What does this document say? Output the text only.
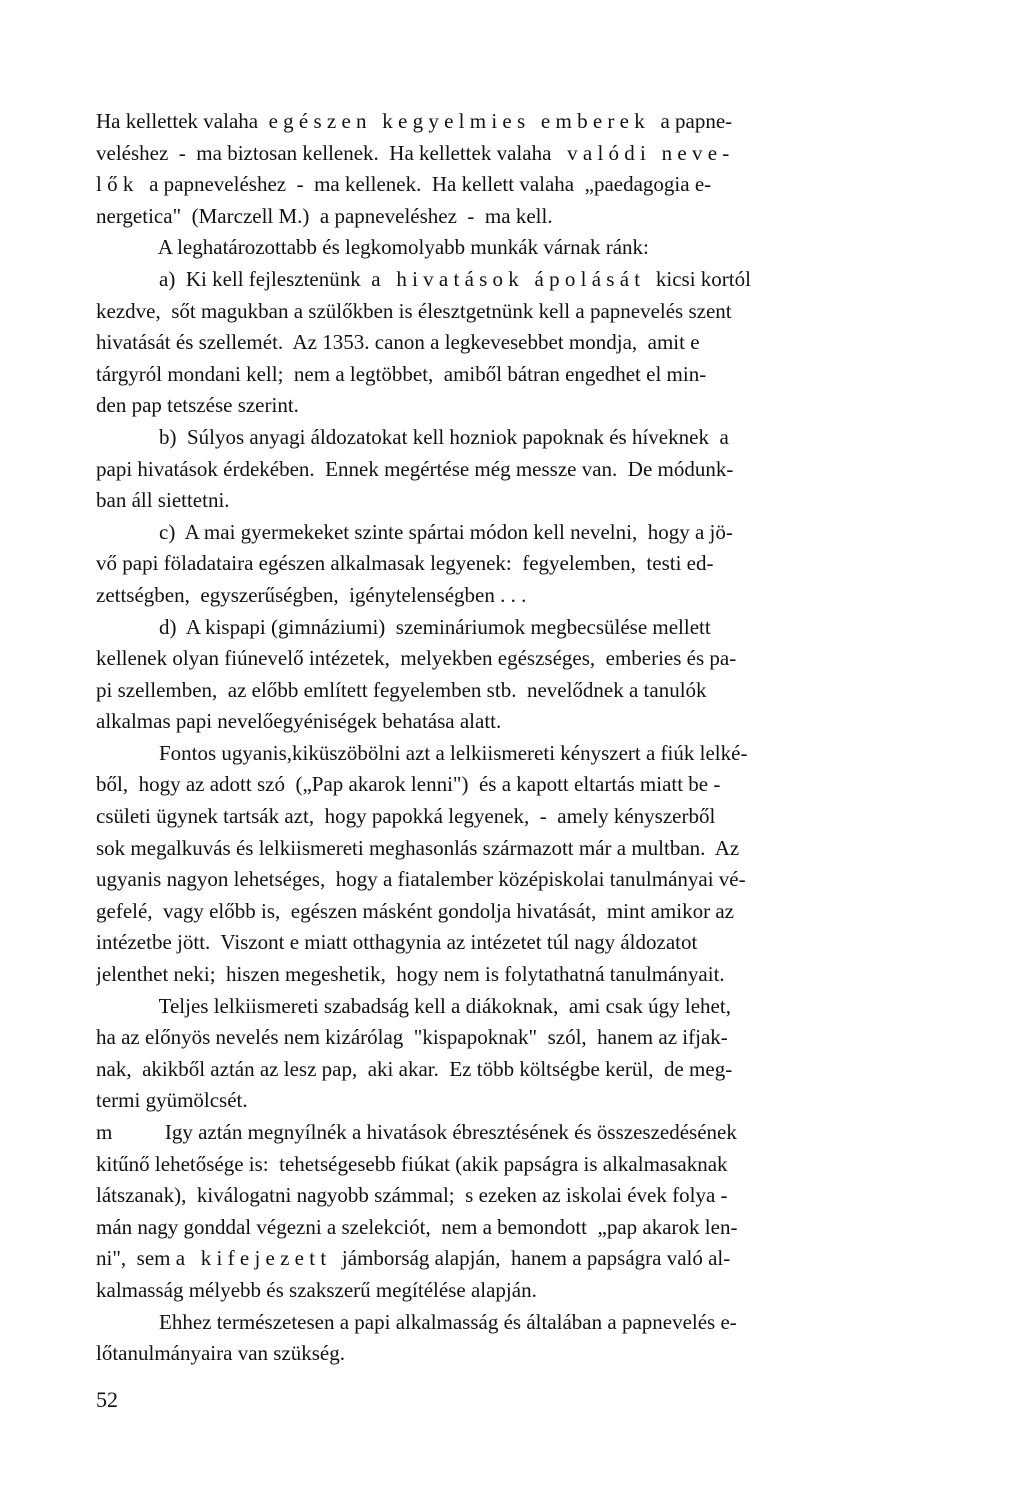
Ha kellettek valaha  e g é s z e n   k e g y e l m i e s   e m b e r e k   a papne-
veléshez  -  ma biztosan kellenek.  Ha kellettek valaha   v a l ó d i   n e v e -
l ő k   a papneveléshez  -  ma kellenek.  Ha kellett valaha  „paedagogia e-
nergetica"  (Marczell M.)  a papneveléshez  -  ma kell.
A leghatározottabb és legkomolyabb munkák várnak ránk:
a)  Ki kell fejlesztenünk  a   h i v a t á s o k   á p o l á s á t   kicsi kortól
kezdve,  sőt magukban a szülőkben is élesztgetnünk kell a papnevelés szent
hivatását és szellemét.  Az 1353. canon a legkevesebbet mondja,  amit e
tárgyról mondani kell;  nem a legtöbbet,  amiből bátran engedhet el min-
den pap tetszése szerint.
b)  Súlyos anyagi áldozatokat kell hozniok papoknak és híveknek  a
papi hivatások érdekében.  Ennek megértése még messze van.  De módunk-
ban áll siettetni.
c)  A mai gyermekeket szinte spártai módon kell nevelni,  hogy a jö-
vő papi föladataira egészen alkalmasak legyenek:  fegyelemben,  testi ed-
zettségben,  egyszerűségben,  igénytelenségben . . .
d)  A kispapi (gimnáziumi)  szemináriumok megbecsülése mellett
kellenek olyan fiúnevelő intézetek,  melyekben egészséges,  emberies és pa-
pi szellemben,  az előbb említett fegyelemben stb.  nevelődnek a tanulók
alkalmas papi nevelőegyéniségek behatása alatt.
Fontos ugyanis,kiküszöbölni azt a lelkiismereti kényszert a fiúk lelké-
ből,  hogy az adott szó  („Pap akarok lenni")  és a kapott eltartás miatt be -
csületi ügynek tartsák azt,  hogy papokká legyenek,  -  amely kényszerből
sok megalkuvás és lelkiismereti meghasonlás származott már a multban.  Az
ugyanis nagyon lehetséges,  hogy a fiatalember középiskolai tanulmányai vé-
gefelé,  vagy előbb is,  egészen másként gondolja hivatását,  mint amikor az
intézetbe jött.  Viszont e miatt otthagynia az intézetet túl nagy áldozatot
jelenthet neki;  hiszen megeshetik,  hogy nem is folytathatná tanulmányait.
Teljes lelkiismereti szabadság kell a diákoknak,  ami csak úgy lehet,
ha az előnyös nevelés nem kizárólag  "kispapoknak"  szól,  hanem az ifjak-
nak,  akikből aztán az lesz pap,  aki akar.  Ez több költségbe kerül,  de meg-
termi gyümölcsét.
m          Igy aztán megnyílnék a hivatások ébresztésének és összeszedésének
kitűnő lehetősége is:  tehetségesebb fiúkat (akik papságra is alkalmasaknak
látszanak),  kiválogatni nagyobb számmal;  s ezeken az iskolai évek folya -
mán nagy gonddal végezni a szelekciót,  nem a bemondott  „pap akarok len-
ni",  sem a   k i f e j e z e t t   jámborság alapján,  hanem a papságra való al-
kalmasság mélyebb és szakszerű megítélése alapján.
Ehhez természetesen a papi alkalmasság és általában a papnevelés e-
lőtanulmányaira van szükség.
52
